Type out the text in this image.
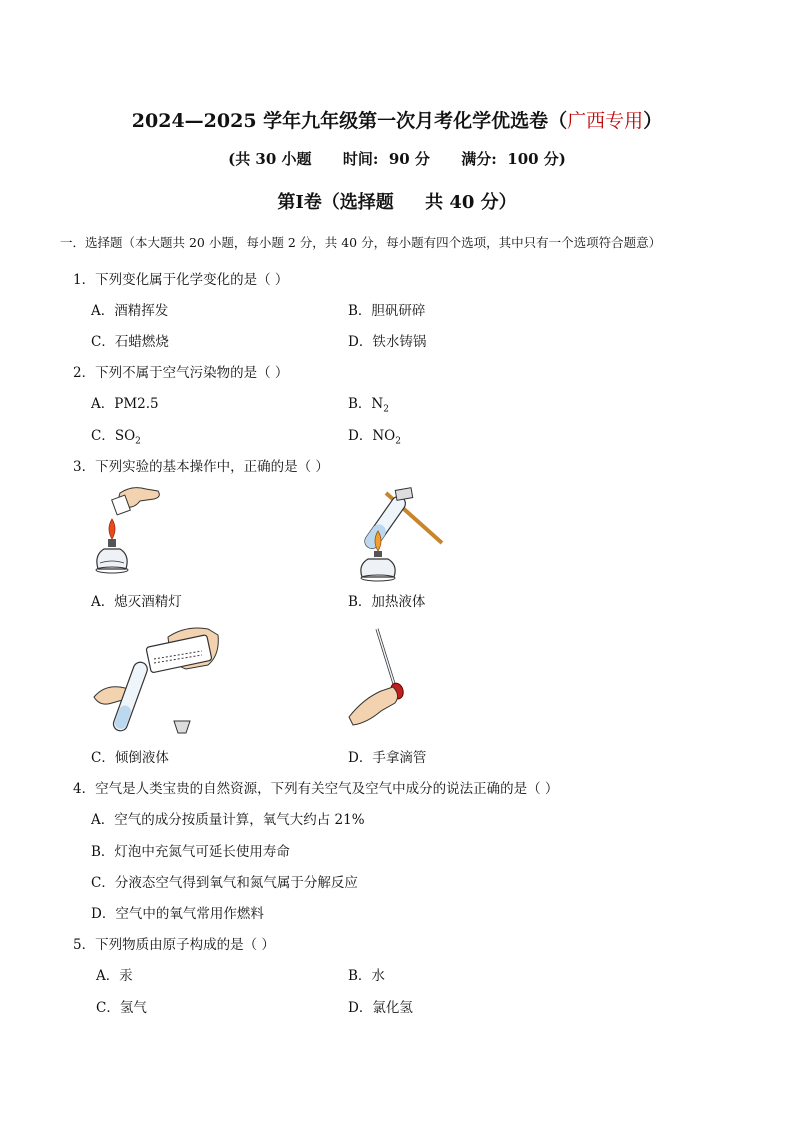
2024—2025 学年九年级第一次月考化学优选卷（广西专用）
(共 30 小题      时间:  90 分      满分:  100 分)
第Ⅰ卷（选择题     共 40 分）
一．选择题（本大题共 20 小题，每小题 2 分，共 40 分，每小题有四个选项，其中只有一个选项符合题意）
1．下列变化属于化学变化的是（ ）
A．酒精挥发	B．胆矾研碎
C．石蜡燃烧	D．铁水铸锅
2．下列不属于空气污染物的是（ ）
A．PM2.5	B．$N_2$
C．$SO_2$	D．$NO_2$
3．下列实验的基本操作中，正确的是（ ）
A．熄灭酒精灯	B．加热液体
C．倾倒液体	D．手拿滴管
4．空气是人类宝贵的自然资源，下列有关空气及空气中成分的说法正确的是（ ）
A．空气的成分按质量计算，氧气大约占 21%
B．灯泡中充氮气可延长使用寿命
C．分液态空气得到氧气和氮气属于分解反应
D．空气中的氧气常用作燃料
5．下列物质由原子构成的是（ ）
A．汞	B．水
C．氢气	D．氯化氢
